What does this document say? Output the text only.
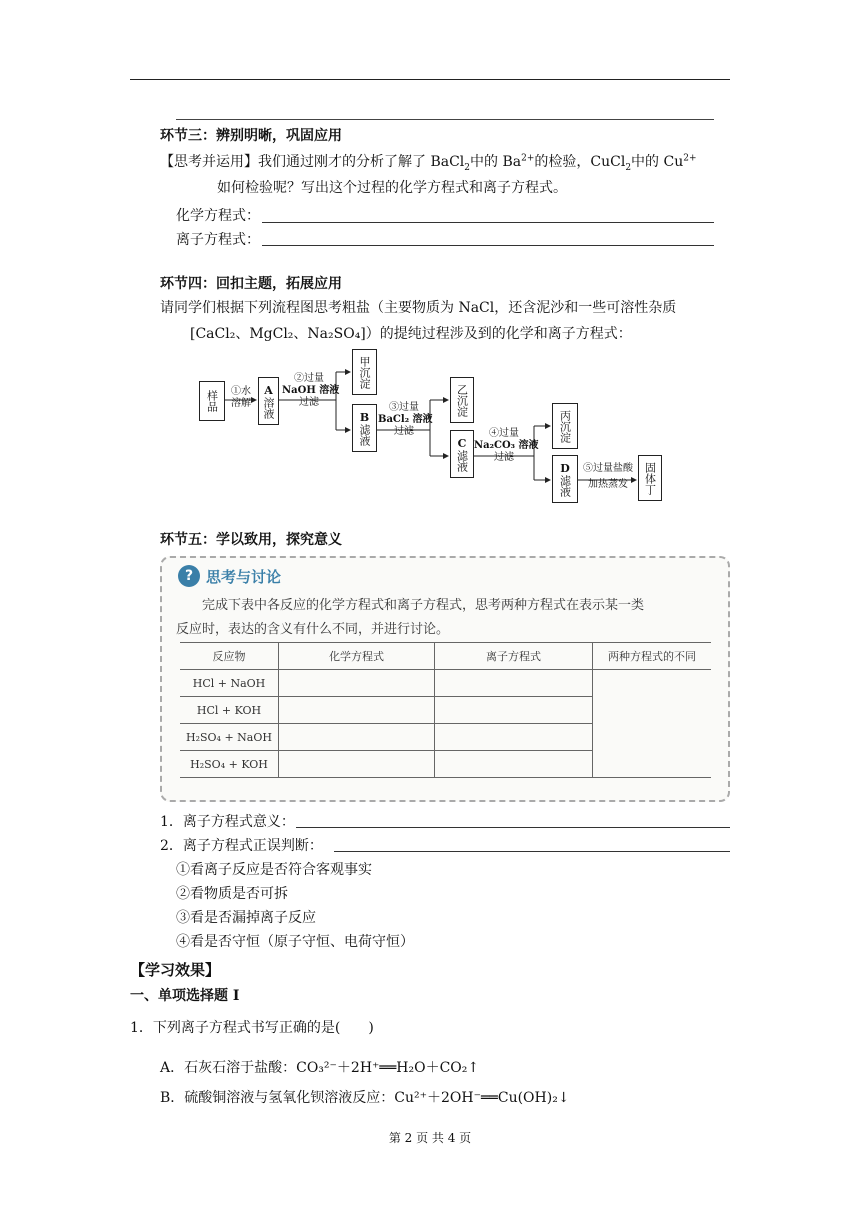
环节三：辨别明晰，巩固应用
【思考并运用】我们通过刚才的分析了解了 BaCl$_2$中的 $Ba^{2+}$的检验，CuCl$_2$中的 $Cu^{2+}$
如何检验呢？写出这个过程的化学方程式和离子方程式。
化学方程式：
离子方程式：
环节四：回扣主题，拓展应用
请同学们根据下列流程图思考粗盐（主要物质为 NaCl，还含泥沙和一些可溶性杂质
[CaCl₂、MgCl₂、Na₂SO₄]）的提纯过程涉及到的化学和离子方程式：
样品	①水
溶解
A
溶液
②过量
NaOH 溶液
过滤
甲沉淀
B
滤液
③过量
BaCl₂ 溶液
过滤
乙沉淀
C
滤液
④过量
Na₂CO₃ 溶液
过滤
丙沉淀
D
滤液
⑤过量盐酸
加热蒸发	固体丁
环节五：学以致用，探究意义
? 思考与讨论
完成下表中各反应的化学方程式和离子方程式，思考两种方程式在表示某一类
反应时，表达的含义有什么不同，并进行讨论。
反应物	化学方程式	离子方程式	两种方程式的不同
HCl + NaOH			
HCl + KOH			
H₂SO₄ + NaOH			
H₂SO₄ + KOH			
1．离子方程式意义：
2．离子方程式正误判断：
①看离子反应是否符合客观事实
②看物质是否可拆
③看是否漏掉离子反应
④看是否守恒（原子守恒、电荷守恒）
【学习效果】
一、单项选择题 I
1．下列离子方程式书写正确的是(　　)
A．石灰石溶于盐酸：CO₃²⁻＋2H⁺══H₂O＋CO₂↑
B．硫酸铜溶液与氢氧化钡溶液反应：Cu²⁺＋2OH⁻══Cu(OH)₂↓
第 2 页 共 4 页
